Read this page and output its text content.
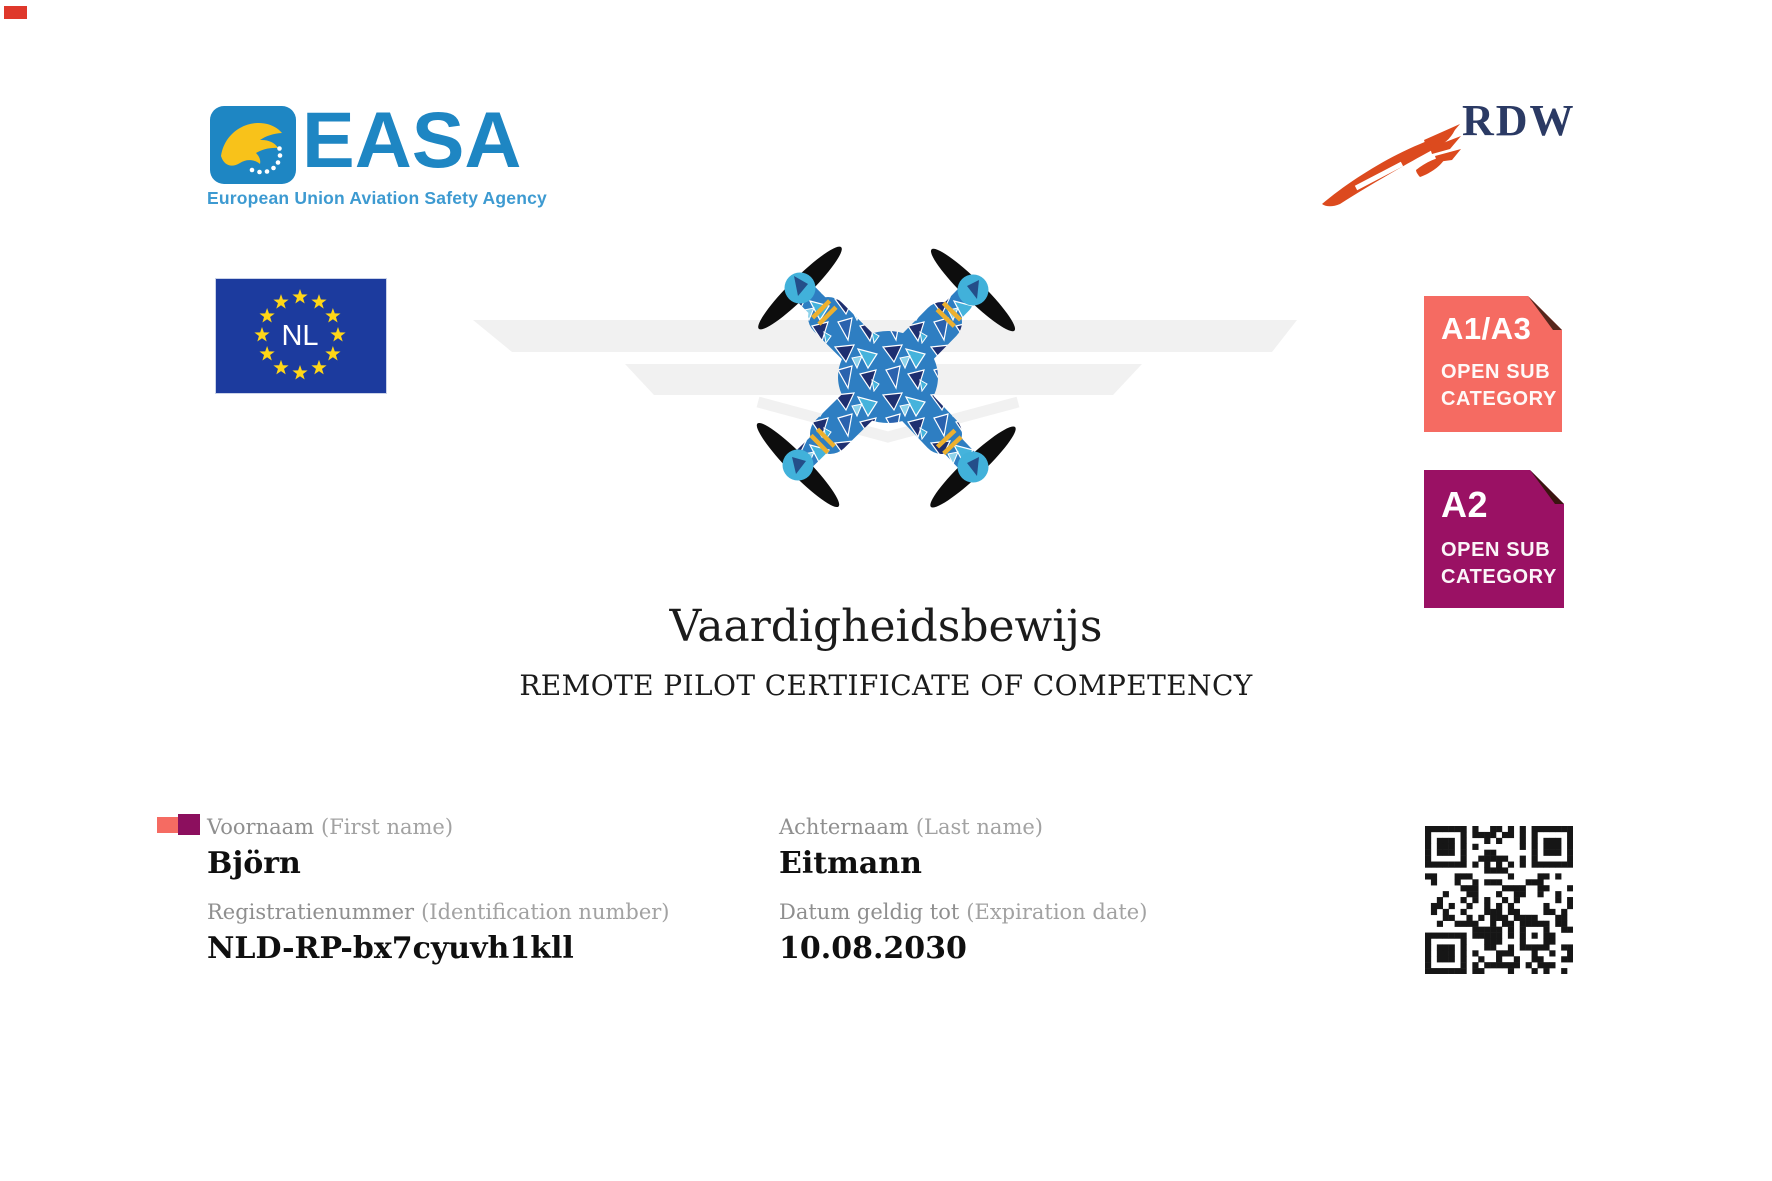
EASA
European Union Aviation Safety Agency
RDW
NL
Vaardigheidsbewijs
REMOTE PILOT CERTIFICATE OF COMPETENCY
A1/A3
OPEN SUB
CATEGORY
A2
OPEN SUB
CATEGORY
Voornaam (First name)
Björn
Achternaam (Last name)
Eitmann
Registratienummer (Identification number)
NLD-RP-bx7cyuvh1kll
Datum geldig tot (Expiration date)
10.08.2030
